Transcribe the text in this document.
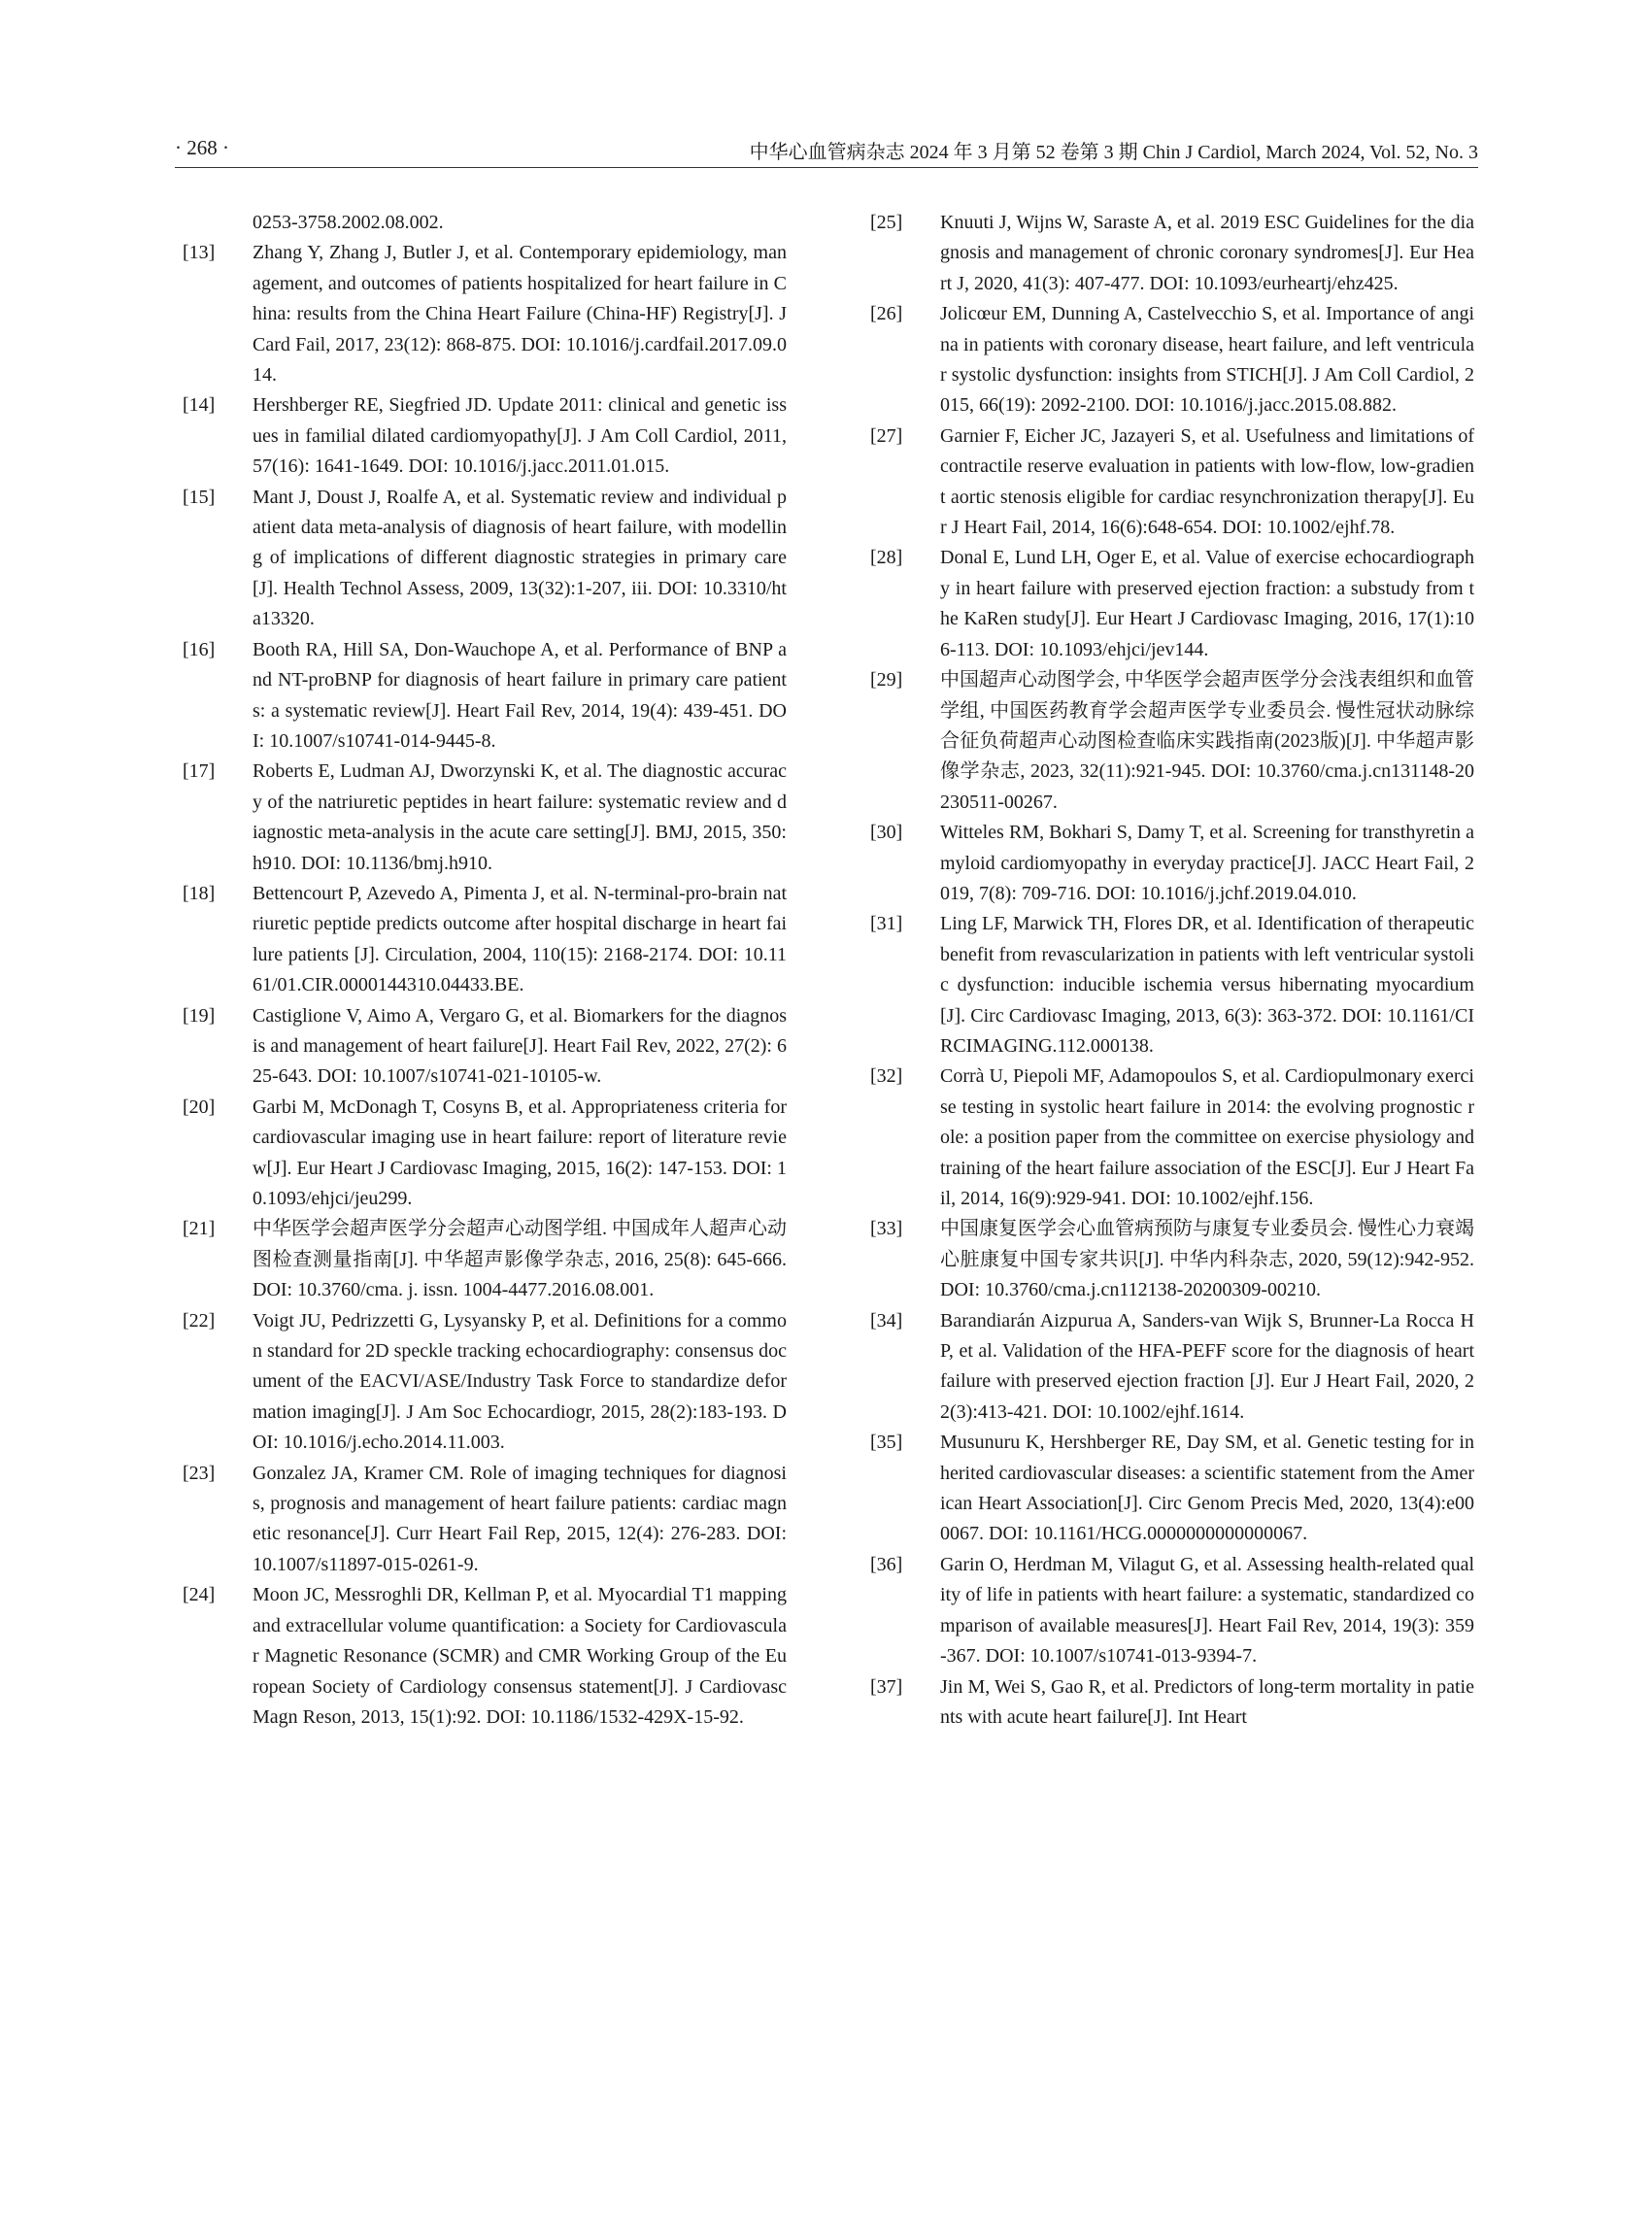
· 268 ·	中华心血管病杂志 2024 年 3 月第 52 卷第 3 期 Chin J Cardiol, March 2024, Vol. 52, No. 3
0253-3758.2002.08.002.
[13]	Zhang Y, Zhang J, Butler J, et al. Contemporary epidemiology, management, and outcomes of patients hospitalized for heart failure in China: results from the China Heart Failure (China-HF) Registry[J]. J Card Fail, 2017, 23(12): 868-875. DOI: 10.1016/j.cardfail.2017.09.014.
[14]	Hershberger RE, Siegfried JD. Update 2011: clinical and genetic issues in familial dilated cardiomyopathy[J]. J Am Coll Cardiol, 2011, 57(16): 1641-1649. DOI: 10.1016/j.jacc.2011.01.015.
[15]	Mant J, Doust J, Roalfe A, et al. Systematic review and individual patient data meta-analysis of diagnosis of heart failure, with modelling of implications of different diagnostic strategies in primary care[J]. Health Technol Assess, 2009, 13(32):1-207, iii. DOI: 10.3310/hta13320.
[16]	Booth RA, Hill SA, Don-Wauchope A, et al. Performance of BNP and NT-proBNP for diagnosis of heart failure in primary care patients: a systematic review[J]. Heart Fail Rev, 2014, 19(4): 439-451. DOI: 10.1007/s10741-014-9445-8.
[17]	Roberts E, Ludman AJ, Dworzynski K, et al. The diagnostic accuracy of the natriuretic peptides in heart failure: systematic review and diagnostic meta-analysis in the acute care setting[J]. BMJ, 2015, 350:h910. DOI: 10.1136/bmj.h910.
[18]	Bettencourt P, Azevedo A, Pimenta J, et al. N-terminal-pro-brain natriuretic peptide predicts outcome after hospital discharge in heart failure patients [J]. Circulation, 2004, 110(15): 2168-2174. DOI: 10.1161/01.CIR.0000144310.04433.BE.
[19]	Castiglione V, Aimo A, Vergaro G, et al. Biomarkers for the diagnosis and management of heart failure[J]. Heart Fail Rev, 2022, 27(2): 625-643. DOI: 10.1007/s10741-021-10105-w.
[20]	Garbi M, McDonagh T, Cosyns B, et al. Appropriateness criteria for cardiovascular imaging use in heart failure: report of literature review[J]. Eur Heart J Cardiovasc Imaging, 2015, 16(2): 147-153. DOI: 10.1093/ehjci/jeu299.
[21]	中华医学会超声医学分会超声心动图学组. 中国成年人超声心动图检查测量指南[J]. 中华超声影像学杂志, 2016, 25(8): 645-666. DOI: 10.3760/cma. j. issn. 1004-4477.2016.08.001.
[22]	Voigt JU, Pedrizzetti G, Lysyansky P, et al. Definitions for a common standard for 2D speckle tracking echocardiography: consensus document of the EACVI/ASE/Industry Task Force to standardize deformation imaging[J]. J Am Soc Echocardiogr, 2015, 28(2):183-193. DOI: 10.1016/j.echo.2014.11.003.
[23]	Gonzalez JA, Kramer CM. Role of imaging techniques for diagnosis, prognosis and management of heart failure patients: cardiac magnetic resonance[J]. Curr Heart Fail Rep, 2015, 12(4): 276-283. DOI: 10.1007/s11897-015-0261-9.
[24]	Moon JC, Messroghli DR, Kellman P, et al. Myocardial T1 mapping and extracellular volume quantification: a Society for Cardiovascular Magnetic Resonance (SCMR) and CMR Working Group of the European Society of Cardiology consensus statement[J]. J Cardiovasc Magn Reson, 2013, 15(1):92. DOI: 10.1186/1532-429X-15-92.
[25]	Knuuti J, Wijns W, Saraste A, et al. 2019 ESC Guidelines for the diagnosis and management of chronic coronary syndromes[J]. Eur Heart J, 2020, 41(3): 407-477. DOI: 10.1093/eurheartj/ehz425.
[26]	Jolicœur EM, Dunning A, Castelvecchio S, et al. Importance of angina in patients with coronary disease, heart failure, and left ventricular systolic dysfunction: insights from STICH[J]. J Am Coll Cardiol, 2015, 66(19): 2092-2100. DOI: 10.1016/j.jacc.2015.08.882.
[27]	Garnier F, Eicher JC, Jazayeri S, et al. Usefulness and limitations of contractile reserve evaluation in patients with low-flow, low-gradient aortic stenosis eligible for cardiac resynchronization therapy[J]. Eur J Heart Fail, 2014, 16(6):648-654. DOI: 10.1002/ejhf.78.
[28]	Donal E, Lund LH, Oger E, et al. Value of exercise echocardiography in heart failure with preserved ejection fraction: a substudy from the KaRen study[J]. Eur Heart J Cardiovasc Imaging, 2016, 17(1):106-113. DOI: 10.1093/ehjci/jev144.
[29]	中国超声心动图学会, 中华医学会超声医学分会浅表组织和血管学组, 中国医药教育学会超声医学专业委员会. 慢性冠状动脉综合征负荷超声心动图检查临床实践指南(2023版)[J]. 中华超声影像学杂志, 2023, 32(11):921-945. DOI: 10.3760/cma.j.cn131148-20230511-00267.
[30]	Witteles RM, Bokhari S, Damy T, et al. Screening for transthyretin amyloid cardiomyopathy in everyday practice[J]. JACC Heart Fail, 2019, 7(8): 709-716. DOI: 10.1016/j.jchf.2019.04.010.
[31]	Ling LF, Marwick TH, Flores DR, et al. Identification of therapeutic benefit from revascularization in patients with left ventricular systolic dysfunction: inducible ischemia versus hibernating myocardium[J]. Circ Cardiovasc Imaging, 2013, 6(3): 363-372. DOI: 10.1161/CIRCIMAGING.112.000138.
[32]	Corrà U, Piepoli MF, Adamopoulos S, et al. Cardiopulmonary exercise testing in systolic heart failure in 2014: the evolving prognostic role: a position paper from the committee on exercise physiology and training of the heart failure association of the ESC[J]. Eur J Heart Fail, 2014, 16(9):929-941. DOI: 10.1002/ejhf.156.
[33]	中国康复医学会心血管病预防与康复专业委员会. 慢性心力衰竭心脏康复中国专家共识[J]. 中华内科杂志, 2020, 59(12):942-952. DOI: 10.3760/cma.j.cn112138-20200309-00210.
[34]	Barandiarán Aizpurua A, Sanders-van Wijk S, Brunner-La Rocca HP, et al. Validation of the HFA-PEFF score for the diagnosis of heart failure with preserved ejection fraction [J]. Eur J Heart Fail, 2020, 22(3):413-421. DOI: 10.1002/ejhf.1614.
[35]	Musunuru K, Hershberger RE, Day SM, et al. Genetic testing for inherited cardiovascular diseases: a scientific statement from the American Heart Association[J]. Circ Genom Precis Med, 2020, 13(4):e000067. DOI: 10.1161/HCG.0000000000000067.
[36]	Garin O, Herdman M, Vilagut G, et al. Assessing health-related quality of life in patients with heart failure: a systematic, standardized comparison of available measures[J]. Heart Fail Rev, 2014, 19(3): 359-367. DOI: 10.1007/s10741-013-9394-7.
[37]	Jin M, Wei S, Gao R, et al. Predictors of long-term mortality in patients with acute heart failure[J]. Int Heart
